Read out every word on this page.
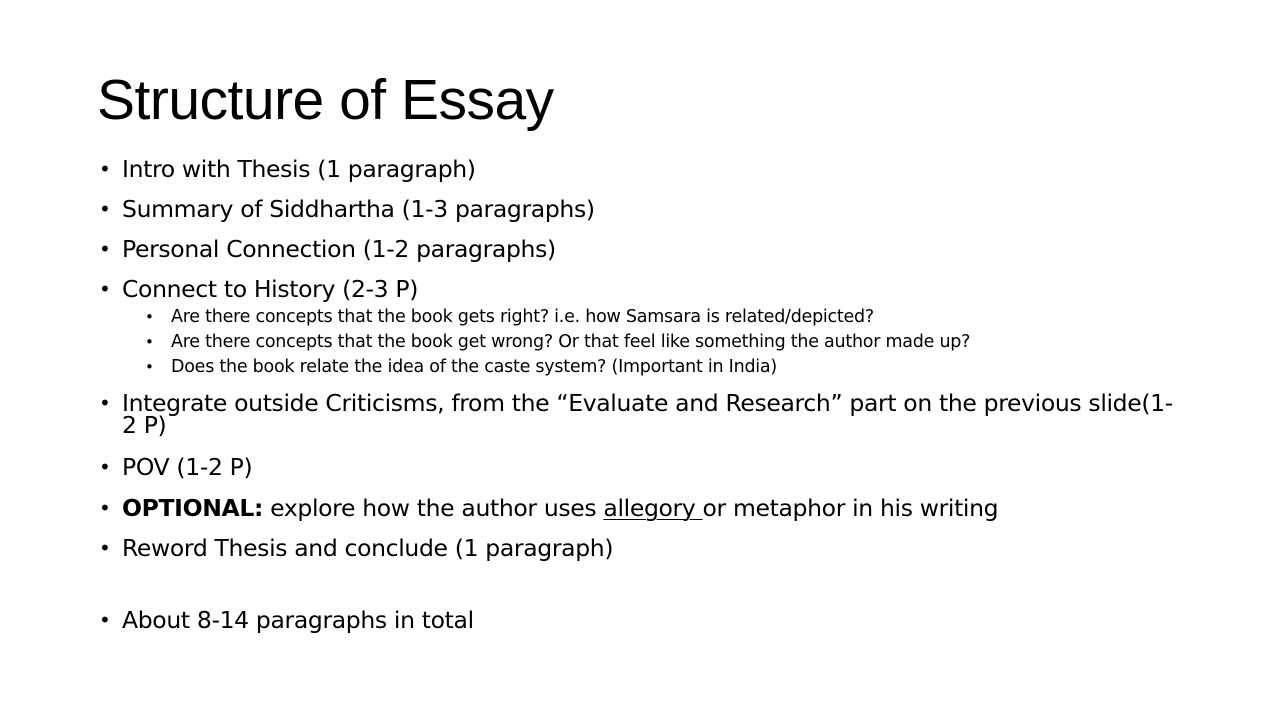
Structure of Essay
• Intro with Thesis (1 paragraph)
• Summary of Siddhartha (1-3 paragraphs)
• Personal Connection (1-2 paragraphs)
• Connect to History (2-3 P)
• Are there concepts that the book gets right? i.e. how Samsara is related/depicted?
• Are there concepts that the book get wrong? Or that feel like something the author made up?
• Does the book relate the idea of the caste system? (Important in India)
• Integrate outside Criticisms, from the “Evaluate and Research” part on the previous slide(1-2 P)
• POV (1-2 P)
• OPTIONAL: explore how the author uses allegory or metaphor in his writing
• Reword Thesis and conclude (1 paragraph)
• About 8-14 paragraphs in total
